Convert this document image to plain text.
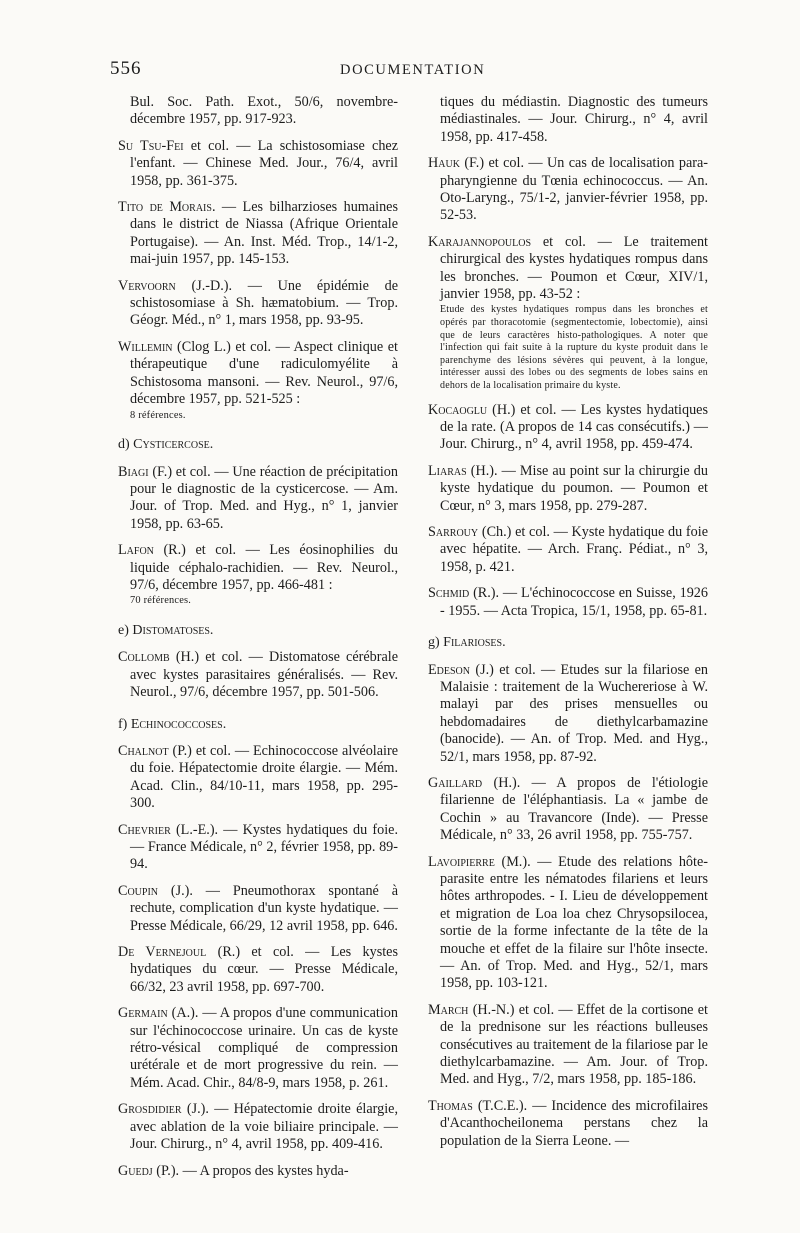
556	DOCUMENTATION

Bul. Soc. Path. Exot., 50/6, novembre-décembre 1957, pp. 917-923.

Su Tsu-Fei et col. — La schistosomiase chez l'enfant. — Chinese Med. Jour., 76/4, avril 1958, pp. 361-375.

Tito de Morais. — Les bilharzioses humaines dans le district de Niassa (Afrique Orientale Portugaise). — An. Inst. Méd. Trop., 14/1-2, mai-juin 1957, pp. 145-153.

Vervoorn (J.-D.). — Une épidémie de schistosomiase à Sh. hæmatobium. — Trop. Géogr. Méd., n° 1, mars 1958, pp. 93-95.

Willemin (Clog L.) et col. — Aspect clinique et thérapeutique d'une radiculomyélite à Schistosoma mansoni. — Rev. Neurol., 97/6, décembre 1957, pp. 521-525 :
8 références.

d) Cysticercose.

Biagi (F.) et col. — Une réaction de précipitation pour le diagnostic de la cysticercose. — Am. Jour. of Trop. Med. and Hyg., n° 1, janvier 1958, pp. 63-65.

Lafon (R.) et col. — Les éosinophilies du liquide céphalo-rachidien. — Rev. Neurol., 97/6, décembre 1957, pp. 466-481 :
70 références.

e) Distomatoses.

Collomb (H.) et col. — Distomatose cérébrale avec kystes parasitaires généralisés. — Rev. Neurol., 97/6, décembre 1957, pp. 501-506.

f) Echinococcoses.

Chalnot (P.) et col. — Echinococcose alvéolaire du foie. Hépatectomie droite élargie. — Mém. Acad. Clin., 84/10-11, mars 1958, pp. 295-300.

Chevrier (L.-E.). — Kystes hydatiques du foie. — France Médicale, n° 2, février 1958, pp. 89-94.

Coupin (J.). — Pneumothorax spontané à rechute, complication d'un kyste hydatique. — Presse Médicale, 66/29, 12 avril 1958, pp. 646.

De Vernejoul (R.) et col. — Les kystes hydatiques du cœur. — Presse Médicale, 66/32, 23 avril 1958, pp. 697-700.

Germain (A.). — A propos d'une communication sur l'échinococcose urinaire. Un cas de kyste rétro-vésical compliqué de compression urétérale et de mort progressive du rein. — Mém. Acad. Chir., 84/8-9, mars 1958, p. 261.

Grosdidier (J.). — Hépatectomie droite élargie, avec ablation de la voie biliaire principale. — Jour. Chirurg., n° 4, avril 1958, pp. 409-416.

Guedj (P.). — A propos des kystes hyda-

tiques du médiastin. Diagnostic des tumeurs médiastinales. — Jour. Chirurg., n° 4, avril 1958, pp. 417-458.

Hauk (F.) et col. — Un cas de localisation para-pharyngienne du Tœnia echinococcus. — An. Oto-Laryng., 75/1-2, janvier-février 1958, pp. 52-53.

Karajannopoulos et col. — Le traitement chirurgical des kystes hydatiques rompus dans les bronches. — Poumon et Cœur, XIV/1, janvier 1958, pp. 43-52 :
Etude des kystes hydatiques rompus dans les bronches et opérés par thoracotomie (segmentectomie, lobectomie), ainsi que de leurs caractères histo-pathologiques. A noter que l'infection qui fait suite à la rupture du kyste produit dans le parenchyme des lésions sévères qui peuvent, à la longue, intéresser aussi des lobes ou des segments de lobes sains en dehors de la localisation primaire du kyste.

Kocaoglu (H.) et col. — Les kystes hydatiques de la rate. (A propos de 14 cas consécutifs.) — Jour. Chirurg., n° 4, avril 1958, pp. 459-474.

Liaras (H.). — Mise au point sur la chirurgie du kyste hydatique du poumon. — Poumon et Cœur, n° 3, mars 1958, pp. 279-287.

Sarrouy (Ch.) et col. — Kyste hydatique du foie avec hépatite. — Arch. Franç. Pédiat., n° 3, 1958, p. 421.

Schmid (R.). — L'échinococcose en Suisse, 1926 - 1955. — Acta Tropica, 15/1, 1958, pp. 65-81.

g) Filarioses.

Edeson (J.) et col. — Etudes sur la filariose en Malaisie : traitement de la Wuchereriose à W. malayi par des prises mensuelles ou hebdomadaires de diethylcarbamazine (banocide). — An. of Trop. Med. and Hyg., 52/1, mars 1958, pp. 87-92.

Gaillard (H.). — A propos de l'étiologie filarienne de l'éléphantiasis. La « jambe de Cochin » au Travancore (Inde). — Presse Médicale, n° 33, 26 avril 1958, pp. 755-757.

Lavoipierre (M.). — Etude des relations hôte-parasite entre les nématodes filariens et leurs hôtes arthropodes. - I. Lieu de développement et migration de Loa loa chez Chrysopsilocea, sortie de la forme infectante de la tête de la mouche et effet de la filaire sur l'hôte insecte. — An. of Trop. Med. and Hyg., 52/1, mars 1958, pp. 103-121.

March (H.-N.) et col. — Effet de la cortisone et de la prednisone sur les réactions bulleuses consécutives au traitement de la filariose par le diethylcarbamazine. — Am. Jour. of Trop. Med. and Hyg., 7/2, mars 1958, pp. 185-186.

Thomas (T.C.E.). — Incidence des microfilaires d'Acanthocheilonema perstans chez la population de la Sierra Leone. —
